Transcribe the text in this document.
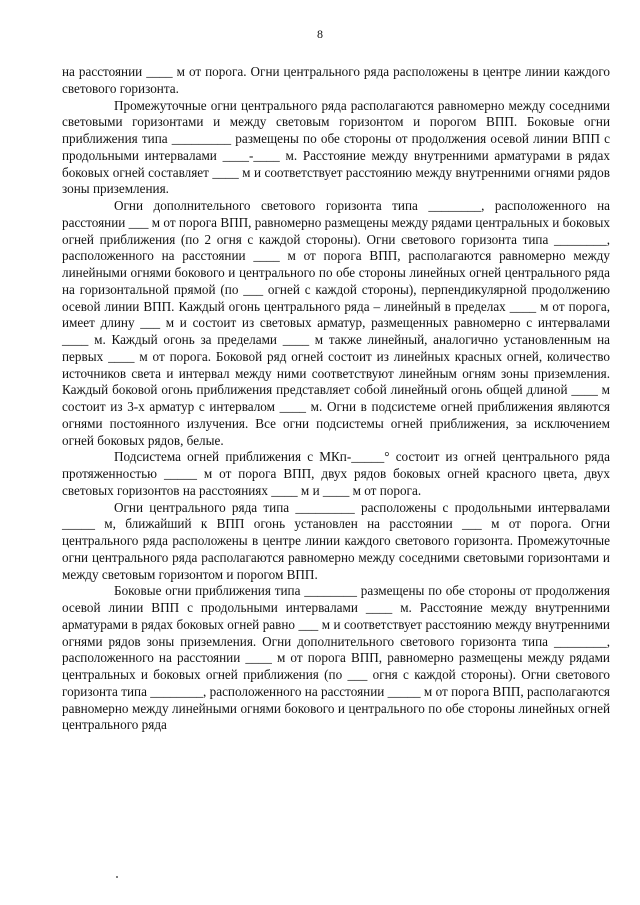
8

на расстоянии ____ м от порога. Огни центрального ряда расположены в центре линии каждого светового горизонта.

Промежуточные огни центрального ряда располагаются равномерно между соседними световыми горизонтами и между световым горизонтом и порогом ВПП. Боковые огни приближения типа _________ размещены по обе стороны от продолжения осевой линии ВПП с продольными интервалами ____-____ м. Расстояние между внутренними арматурами в рядах боковых огней составляет ____ м и соответствует расстоянию между внутренними огнями рядов зоны приземления.

Огни дополнительного светового горизонта типа ________, расположенного на расстоянии ___ м от порога ВПП, равномерно размещены между рядами центральных и боковых огней приближения (по 2 огня с каждой стороны). Огни светового горизонта типа ________, расположенного на расстоянии ____ м от порога ВПП, располагаются равномерно между линейными огнями бокового и центрального по обе стороны линейных огней центрального ряда на горизонтальной прямой (по ___ огней с каждой стороны), перпендикулярной продолжению осевой линии ВПП. Каждый огонь центрального ряда – линейный в пределах ____ м от порога, имеет длину ___ м и состоит из световых арматур, размещенных равномерно с интервалами ____ м. Каждый огонь за пределами ____ м также линейный, аналогично установленным на первых ____ м от порога. Боковой ряд огней состоит из линейных красных огней, количество источников света и интервал между ними соответствуют линейным огням зоны приземления. Каждый боковой огонь приближения представляет собой линейный огонь общей длиной ____ м состоит из 3-х арматур с интервалом ____ м. Огни в подсистеме огней приближения являются огнями постоянного излучения. Все огни подсистемы огней приближения, за исключением огней боковых рядов, белые.

Подсистема огней приближения с МКп-_____° состоит из огней центрального ряда протяженностью _____ м от порога ВПП, двух рядов боковых огней красного цвета, двух световых горизонтов на расстояниях ____ м и ____ м от порога.

Огни центрального ряда типа _________ расположены с продольными интервалами _____ м, ближайший к ВПП огонь установлен на расстоянии ___ м от порога. Огни центрального ряда расположены в центре линии каждого светового горизонта. Промежуточные огни центрального ряда располагаются равномерно между соседними световыми горизонтами и между световым горизонтом и порогом ВПП.

Боковые огни приближения типа ________ размещены по обе стороны от продолжения осевой линии ВПП с продольными интервалами ____ м. Расстояние между внутренними арматурами в рядах боковых огней равно ___ м и соответствует расстоянию между внутренними огнями рядов зоны приземления. Огни дополнительного светового горизонта типа ________, расположенного на расстоянии ____ м от порога ВПП, равномерно размещены между рядами центральных и боковых огней приближения (по ___ огня с каждой стороны). Огни светового горизонта типа ________, расположенного на расстоянии _____ м от порога ВПП, располагаются равномерно между линейными огнями бокового и центрального по обе стороны линейных огней центрального ряда
